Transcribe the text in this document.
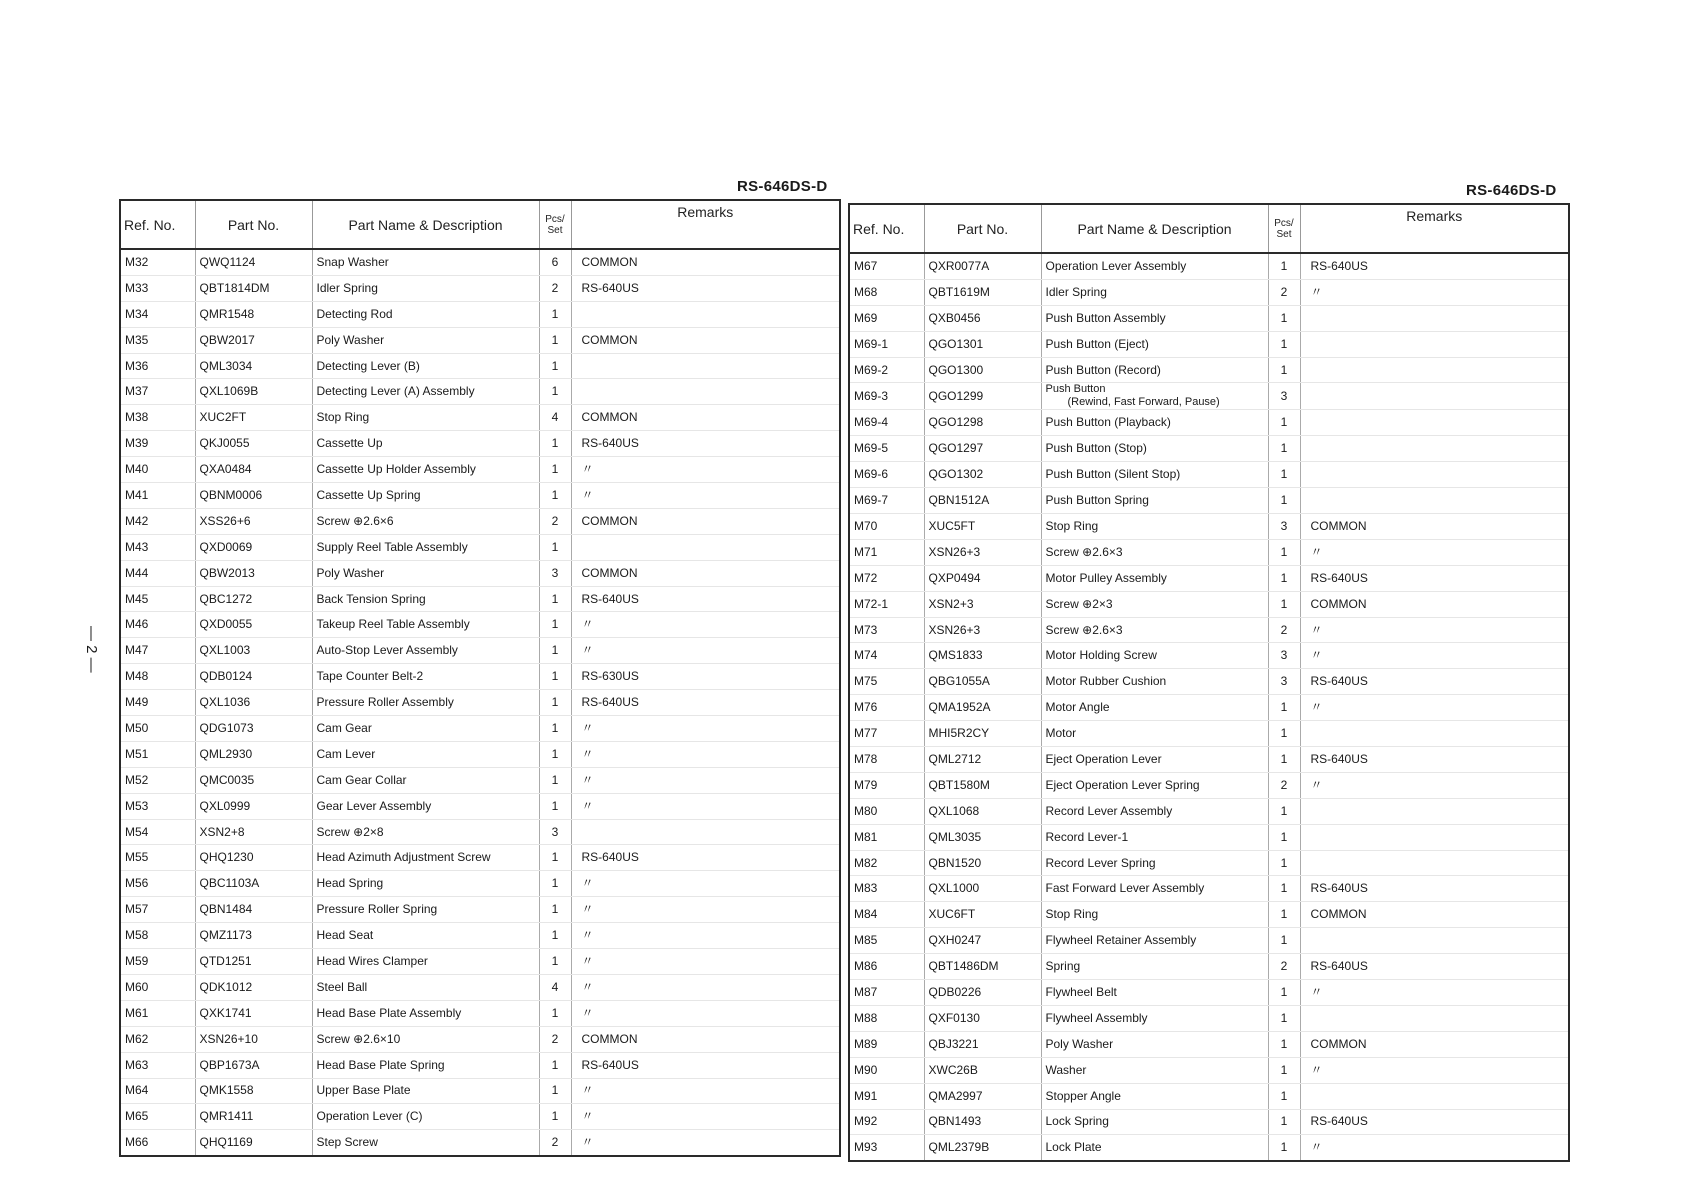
RS-646DS-D	RS-646DS-D
— 2 —
Ref. No.	Part No.	Part Name & Description	Pcs/
Set	Remarks
M32	QWQ1124	Snap Washer	6	COMMON
M33	QBT1814DM	Idler Spring	2	RS-640US
M34	QMR1548	Detecting Rod	1	
M35	QBW2017	Poly Washer	1	COMMON
M36	QML3034	Detecting Lever (B)	1	
M37	QXL1069B	Detecting Lever (A) Assembly	1	
M38	XUC2FT	Stop Ring	4	COMMON
M39	QKJ0055	Cassette Up	1	RS-640US
M40	QXA0484	Cassette Up Holder Assembly	1	〃
M41	QBNM0006	Cassette Up Spring	1	〃
M42	XSS26+6	Screw ⊕2.6×6	2	COMMON
M43	QXD0069	Supply Reel Table Assembly	1	
M44	QBW2013	Poly Washer	3	COMMON
M45	QBC1272	Back Tension Spring	1	RS-640US
M46	QXD0055	Takeup Reel Table Assembly	1	〃
M47	QXL1003	Auto-Stop Lever Assembly	1	〃
M48	QDB0124	Tape Counter Belt-2	1	RS-630US
M49	QXL1036	Pressure Roller Assembly	1	RS-640US
M50	QDG1073	Cam Gear	1	〃
M51	QML2930	Cam Lever	1	〃
M52	QMC0035	Cam Gear Collar	1	〃
M53	QXL0999	Gear Lever Assembly	1	〃
M54	XSN2+8	Screw ⊕2×8	3	
M55	QHQ1230	Head Azimuth Adjustment Screw	1	RS-640US
M56	QBC1103A	Head Spring	1	〃
M57	QBN1484	Pressure Roller Spring	1	〃
M58	QMZ1173	Head Seat	1	〃
M59	QTD1251	Head Wires Clamper	1	〃
M60	QDK1012	Steel Ball	4	〃
M61	QXK1741	Head Base Plate Assembly	1	〃
M62	XSN26+10	Screw ⊕2.6×10	2	COMMON
M63	QBP1673A	Head Base Plate Spring	1	RS-640US
M64	QMK1558	Upper Base Plate	1	〃
M65	QMR1411	Operation Lever (C)	1	〃
M66	QHQ1169	Step Screw	2	〃
Ref. No.	Part No.	Part Name & Description	Pcs/
Set	Remarks
M67	QXR0077A	Operation Lever Assembly	1	RS-640US
M68	QBT1619M	Idler Spring	2	〃
M69	QXB0456	Push Button Assembly	1	
M69-1	QGO1301	Push Button (Eject)	1	
M69-2	QGO1300	Push Button (Record)	1	
M69-3	QGO1299	Push Button
(Rewind, Fast Forward, Pause)	3	
M69-4	QGO1298	Push Button (Playback)	1	
M69-5	QGO1297	Push Button (Stop)	1	
M69-6	QGO1302	Push Button (Silent Stop)	1	
M69-7	QBN1512A	Push Button Spring	1	
M70	XUC5FT	Stop Ring	3	COMMON
M71	XSN26+3	Screw ⊕2.6×3	1	〃
M72	QXP0494	Motor Pulley Assembly	1	RS-640US
M72-1	XSN2+3	Screw ⊕2×3	1	COMMON
M73	XSN26+3	Screw ⊕2.6×3	2	〃
M74	QMS1833	Motor Holding Screw	3	〃
M75	QBG1055A	Motor Rubber Cushion	3	RS-640US
M76	QMA1952A	Motor Angle	1	〃
M77	MHI5R2CY	Motor	1	
M78	QML2712	Eject Operation Lever	1	RS-640US
M79	QBT1580M	Eject Operation Lever Spring	2	〃
M80	QXL1068	Record Lever Assembly	1	
M81	QML3035	Record Lever-1	1	
M82	QBN1520	Record Lever Spring	1	
M83	QXL1000	Fast Forward Lever Assembly	1	RS-640US
M84	XUC6FT	Stop Ring	1	COMMON
M85	QXH0247	Flywheel Retainer Assembly	1	
M86	QBT1486DM	Spring	2	RS-640US
M87	QDB0226	Flywheel Belt	1	〃
M88	QXF0130	Flywheel Assembly	1	
M89	QBJ3221	Poly Washer	1	COMMON
M90	XWC26B	Washer	1	〃
M91	QMA2997	Stopper Angle	1	
M92	QBN1493	Lock Spring	1	RS-640US
M93	QML2379B	Lock Plate	1	〃
